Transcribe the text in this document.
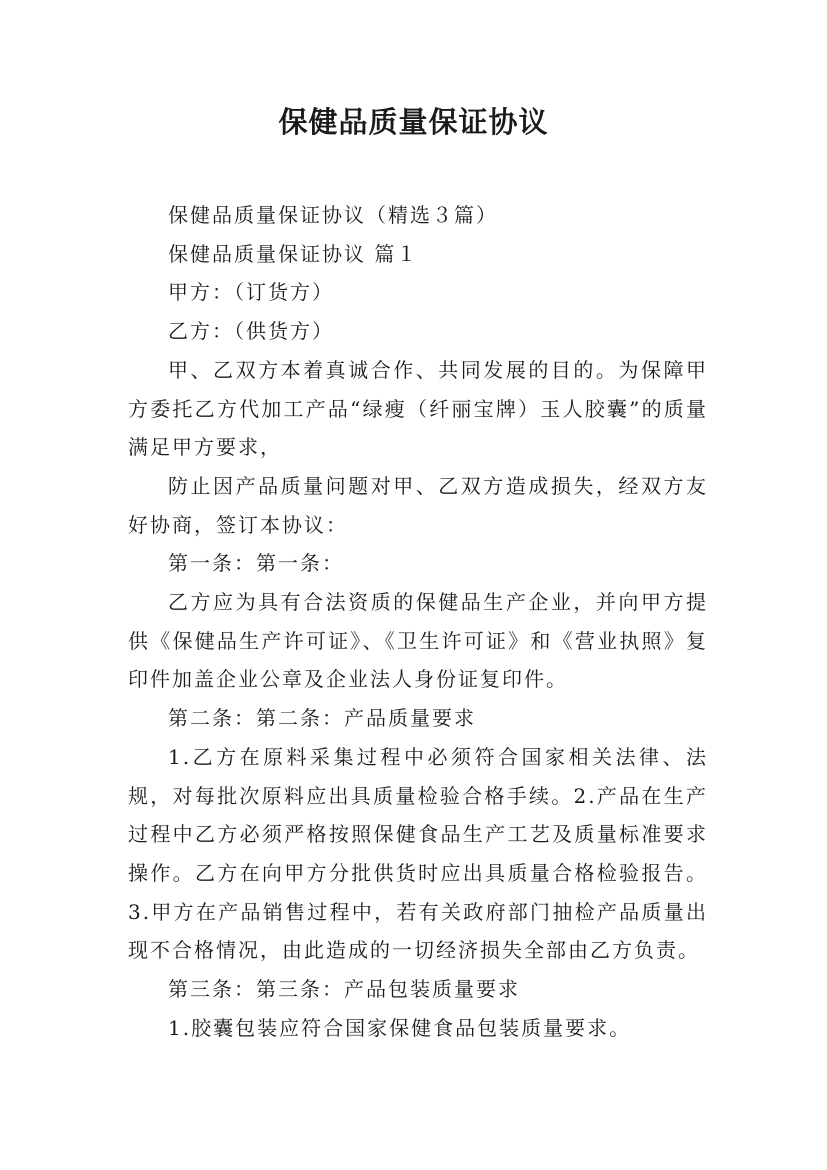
保健品质量保证协议

保健品质量保证协议（精选３篇）

保健品质量保证协议 篇１

甲方：（订货方）

乙方：（供货方）

甲、乙双方本着真诚合作、共同发展的目的。为保障甲方委托乙方代加工产品“绿瘦（纤丽宝牌）玉人胶囊”的质量满足甲方要求，

防止因产品质量问题对甲、乙双方造成损失，经双方友好协商，签订本协议：

第一条：第一条：

乙方应为具有合法资质的保健品生产企业，并向甲方提供《保健品生产许可证》、《卫生许可证》和《营业执照》复印件加盖企业公章及企业法人身份证复印件。

第二条：第二条：产品质量要求

1.乙方在原料采集过程中必须符合国家相关法律、法规，对每批次原料应出具质量检验合格手续。2.产品在生产过程中乙方必须严格按照保健食品生产工艺及质量标准要求操作。乙方在向甲方分批供货时应出具质量合格检验报告。3.甲方在产品销售过程中，若有关政府部门抽检产品质量出现不合格情况，由此造成的一切经济损失全部由乙方负责。

第三条：第三条：产品包装质量要求

1.胶囊包装应符合国家保健食品包装质量要求。
